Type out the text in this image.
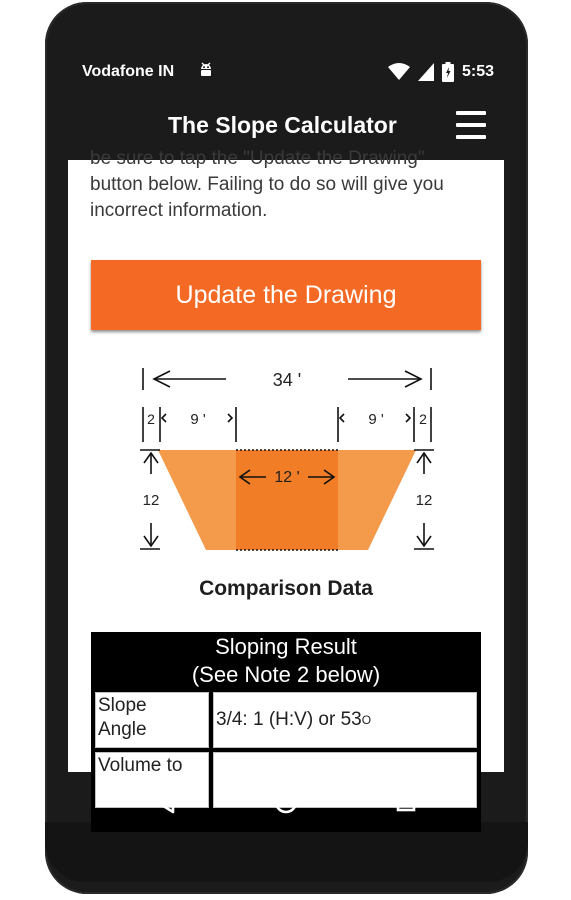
Vodafone IN	5:53
The Slope Calculator

be sure to tap the "Update the Drawing"

button below. Failing to do so will give you

incorrect information.

Update the Drawing
34 '
2 9 '	9 '	2
12 '
12	12
Comparison Data
Sloping Result
(See Note 2 below)
Slope
Angle	3/4: 1 (H:V) or 53 O
Volume to
